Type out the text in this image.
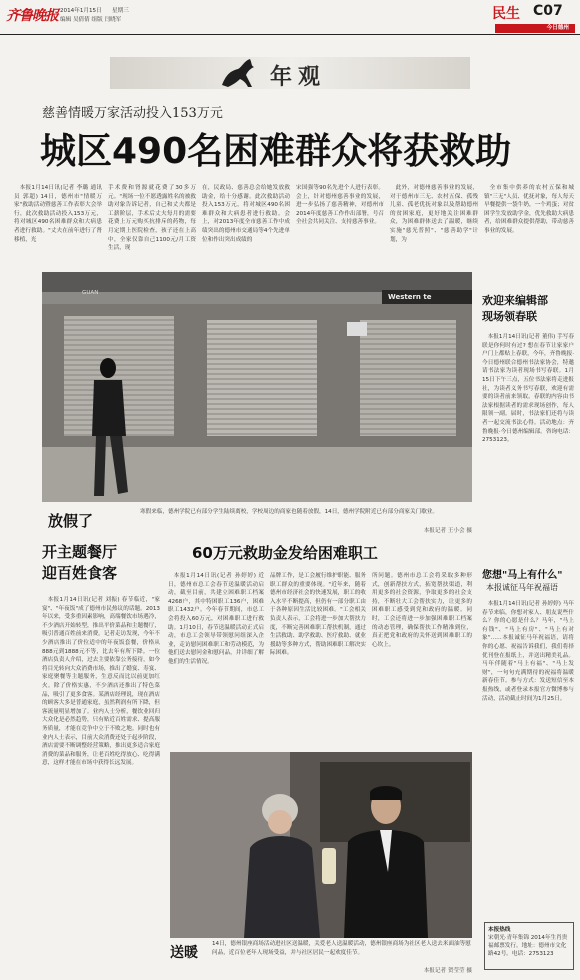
齐鲁晚报 2014年1月15日 星期三
编辑 吴倩倩 组版 闫晓军	民生 C07
今日德州
年观
慈善情暖万家活动投入153万元
城区490名困难群众将获救助
本报1月14日讯(记者 李璐 通讯员 郭超) 14日，德州市"情暖万家"救助活动暨慈善工作表彰大会举行，此次救助活动投入153万元，将对城区490名困难群众和大病患者进行救助。"丈夫在前年进行了肾移植，光
手术费和肾源就花费了30多万元。"现场一位不愿透露姓名的被救助对象告诉记者，自己和丈夫都是工薪阶层，手术后丈夫每月的需要花费上万元购买抗排斥的药物，每月定期上医院检查，孩子还在上高中，全家仅靠自己1100元/月工资生活，现
在，民政局、慈善总会给她发放救助金，给十分感谢。此次救助活动投入153万元，将对城区490名困难群众和大病患者进行救助。会上，对2013年度全市慈善工作中成绩突出的德州市交通局等4个先进单位和作出突出成绩的
宋国强等90名先进个人进行表彰。会上，针对德州慈善事业的发展，进一步弘扬了慈善精神，对德州市2014年度慈善工作作出部署，号召全社会共同关注、支持慈善事业。
此外，对德州慈善事业的发展，对于德州市三无、农村五保、孤残儿童、孤老优抚对象以及帮助德州的贫困家庭，更好地关注困难群众，为困难群体送去了温暖，继续实施"慈光普照"、"慈善助学"计划，为
全市集中供养的农村五保和城镇"三无"人员、优抚对象，每人每天早餐提供一袋牛奶，一个鸡蛋；对贫困学生发放助学金，优先救助大病患者，给困难群众提供帮助，带动慈善事业的发展。
GUAN	Western te
放假了	寒假来临，德州学院已有部分学生陆续离校，学校周边的商家也随着放假，14日，德州学院附近已有部分商家关门歇业。
本报记者 王小会 摄
欢迎来编辑部
现场领春联
本报1月14日讯(记者 董伟) 手写春联是你何时有过? 想在春节让家家户户门上都贴上春联，今年，齐鲁晚报·今日德州联合德州书法家协会，特邀请书法家为读者现场书写春联。1月15日下午三点，五位书法家将走进报社，为读者义务书写春联，欢迎有需要的读者前来领取。春联的内容由书法家根据读者的需求现场创作，每人限领一副。届时，书法家们还将与读者一起交流书法心得。活动地点：齐鲁晚报·今日德州编辑部。咨询电话：2753123。
您想"马上有什么"
本报诚征马年祝福语
本报1月14日讯(记者 孙婷婷) 马年春节来临，你想对家人、朋友说些什么？你的心愿是什么？马年，"马上有钱"、"马上有房"、"马上有对象"……本报诚征马年祝福语，请将你的心愿、祝福告诉我们，我们将择优刊登在报纸上，并送出精美礼品。马年伴随着"马上有福"、"马上发财"，一句句充满期待的祝福将温暖新春佳节。参与方式：发送短信至本报热线，或者登录本报官方微博参与活动，活动截止时间为1月25日。
本报热线
宋朝光·青年集锦 2014年生肖贵福邮票发行。地址：德州市文化路42号。电话：2753123
开主题餐厅
迎百姓食客
本报1月14日讯(记者 刘振) 春节临近，"家宴"、"年夜饭"成了德州市民热议的话题。2013年以来，受多重因素影响，高端餐饮市场遇冷，不少酒店开始转型，推出平价菜品和主题餐厅，吸引普通百姓前来消费。记者走访发现，今年不少酒店推出了价位适中的年夜饭套餐，价格从888元到1888元不等，比去年有所下降。一位酒店负责人介绍，过去主要依靠公务接待，如今将目光转向大众消费市场，推出了婚宴、寿宴、家庭聚餐等主题服务，生意反而比以前更加红火。除了价格实惠，不少酒店还推出了特色菜品，吸引了更多食客。某酒店经理说，现在酒店的顾客大多是普通家庭，虽然利润有所下降，但客流量明显增加了。业内人士分析，餐饮业回归大众化是必然趋势，只有贴近百姓需求、提高服务质量，才能在竞争中立于不败之地。同时也有业内人士表示，目前大众消费还处于起步阶段，酒店需要不断调整经营策略，推出更多适合家庭消费的菜品和服务，让老百姓吃得放心、吃得满意，这样才能在市场中获得长远发展。
60万元救助金发给困难职工
本报1月14日讯(记者 孙婷婷) 近日，德州市总工会春节送温暖活动启动，截至目前，共建立困难职工档案4268户，其中特困职工136户，困难职工1432户。今年春节期间，市总工会将投入60万元，对困难职工进行救助。1月10日，春节送温暖活动正式启动，市总工会领导带领慰问组深入企业，走访慰问困难职工和劳动模范，为他们送去慰问金和慰问品，并详细了解他们的生活情况。
品牌工作，是工会履行维护职能、服务职工群众的重要体现。"近年来，随着德州市经济社会的快速发展，职工的收入水平不断提高，但仍有一部分职工由于各种原因生活比较困难。"工会相关负责人表示，工会将进一步加大帮扶力度，不断完善困难职工帮扶机制，通过生活救助、助学救助、医疗救助、就业援助等多种方式，帮助困难职工解决实际困难。
所问题。德州市总工会将采取多种形式，创新帮扶方式，拓宽帮扶渠道，利用更多的社会资源，争取更多的社会支持，不断壮大工会帮扶实力，让更多的困难职工感受到党和政府的温暖。同时，工会还将进一步加强困难职工档案的动态管理，确保帮扶工作精准到位，真正把党和政府的关怀送到困难职工的心坎上。
送暖
14日，德州银座商场活动进社区送温暖，关爱老人送温暖活动，德州银座商场为社区老人送去米面油等慰问品，近百位老年人现场受益，并与社区居民一起欢度佳节。
本报记者 贺莹莹 摄
